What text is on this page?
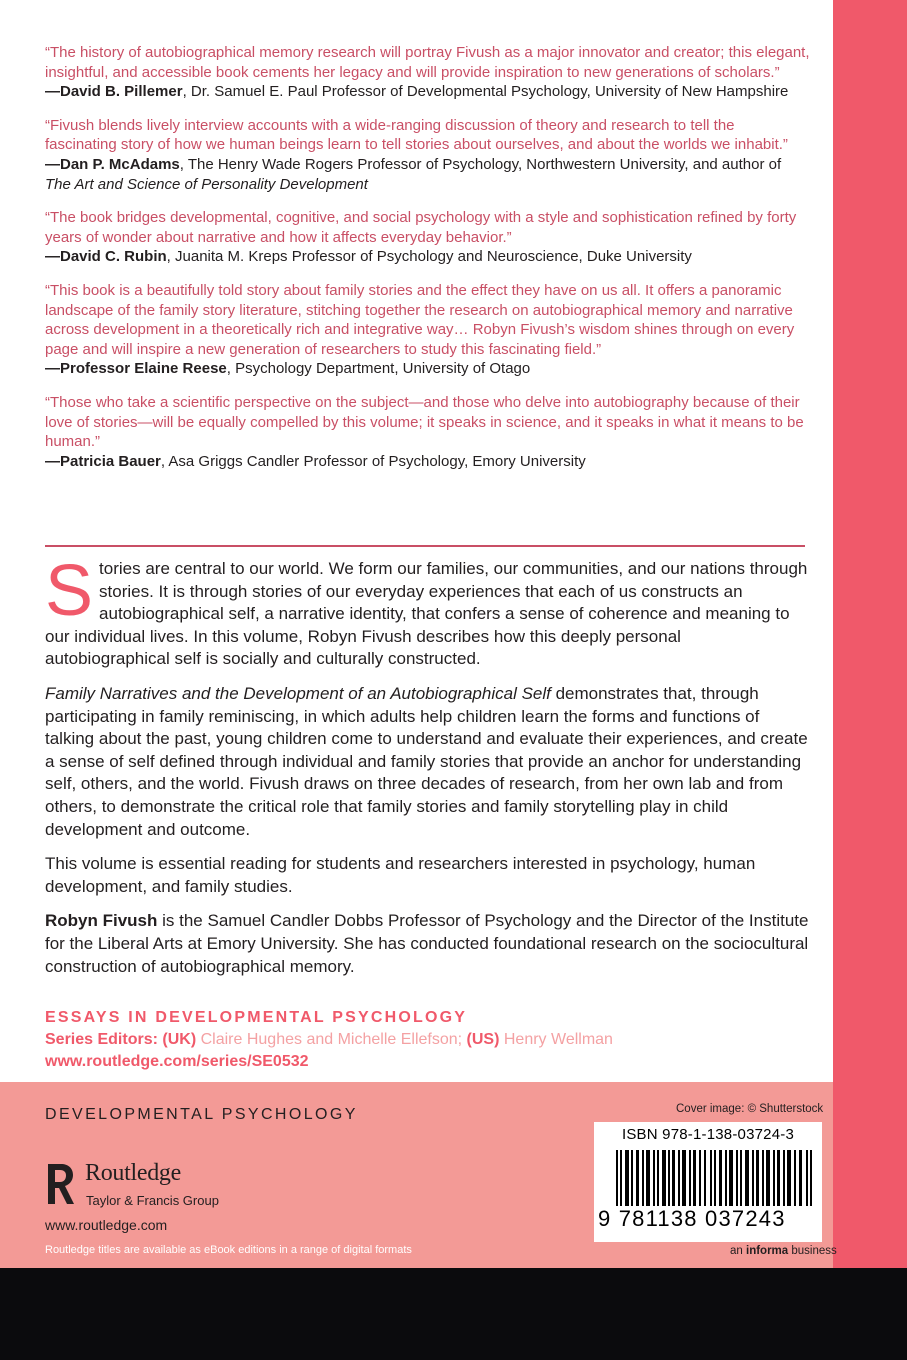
“The history of autobiographical memory research will portray Fivush as a major innovator and creator; this elegant, insightful, and accessible book cements her legacy and will provide inspiration to new generations of scholars.”
—David B. Pillemer, Dr. Samuel E. Paul Professor of Developmental Psychology, University of New Hampshire
“Fivush blends lively interview accounts with a wide-ranging discussion of theory and research to tell the fascinating story of how we human beings learn to tell stories about ourselves, and about the worlds we inhabit.”
—Dan P. McAdams, The Henry Wade Rogers Professor of Psychology, Northwestern University, and author of The Art and Science of Personality Development
“The book bridges developmental, cognitive, and social psychology with a style and sophistication refined by forty years of wonder about narrative and how it affects everyday behavior.”
—David C. Rubin, Juanita M. Kreps Professor of Psychology and Neuroscience, Duke University
“This book is a beautifully told story about family stories and the effect they have on us all. It offers a panoramic landscape of the family story literature, stitching together the research on autobiographical memory and narrative across development in a theoretically rich and integrative way… Robyn Fivush’s wisdom shines through on every page and will inspire a new generation of researchers to study this fascinating field.”
—Professor Elaine Reese, Psychology Department, University of Otago
“Those who take a scientific perspective on the subject—and those who delve into autobiography because of their love of stories—will be equally compelled by this volume; it speaks in science, and it speaks in what it means to be human.”
—Patricia Bauer, Asa Griggs Candler Professor of Psychology, Emory University

Stories are central to our world. We form our families, our communities, and our nations through stories. It is through stories of our everyday experiences that each of us constructs an autobiographical self, a narrative identity, that confers a sense of coherence and meaning to our individual lives. In this volume, Robyn Fivush describes how this deeply personal autobiographical self is socially and culturally constructed.

Family Narratives and the Development of an Autobiographical Self demonstrates that, through participating in family reminiscing, in which adults help children learn the forms and functions of talking about the past, young children come to understand and evaluate their experiences, and create a sense of self defined through individual and family stories that provide an anchor for understanding self, others, and the world. Fivush draws on three decades of research, from her own lab and from others, to demonstrate the critical role that family stories and family storytelling play in child development and outcome.

This volume is essential reading for students and researchers interested in psychology, human development, and family studies.

Robyn Fivush is the Samuel Candler Dobbs Professor of Psychology and the Director of the Institute for the Liberal Arts at Emory University. She has conducted foundational research on the sociocultural construction of autobiographical memory.

ESSAYS IN DEVELOPMENTAL PSYCHOLOGY
Series Editors: (UK) Claire Hughes and Michelle Ellefson; (US) Henry Wellman
www.routledge.com/series/SE0532
DEVELOPMENTAL PSYCHOLOGY
Routledge
Taylor & Francis Group
www.routledge.com
Routledge titles are available as eBook editions in a range of digital formats
Cover image: © Shutterstock
ISBN 978-1-138-03724-3
9 781138 037243
an informa business
